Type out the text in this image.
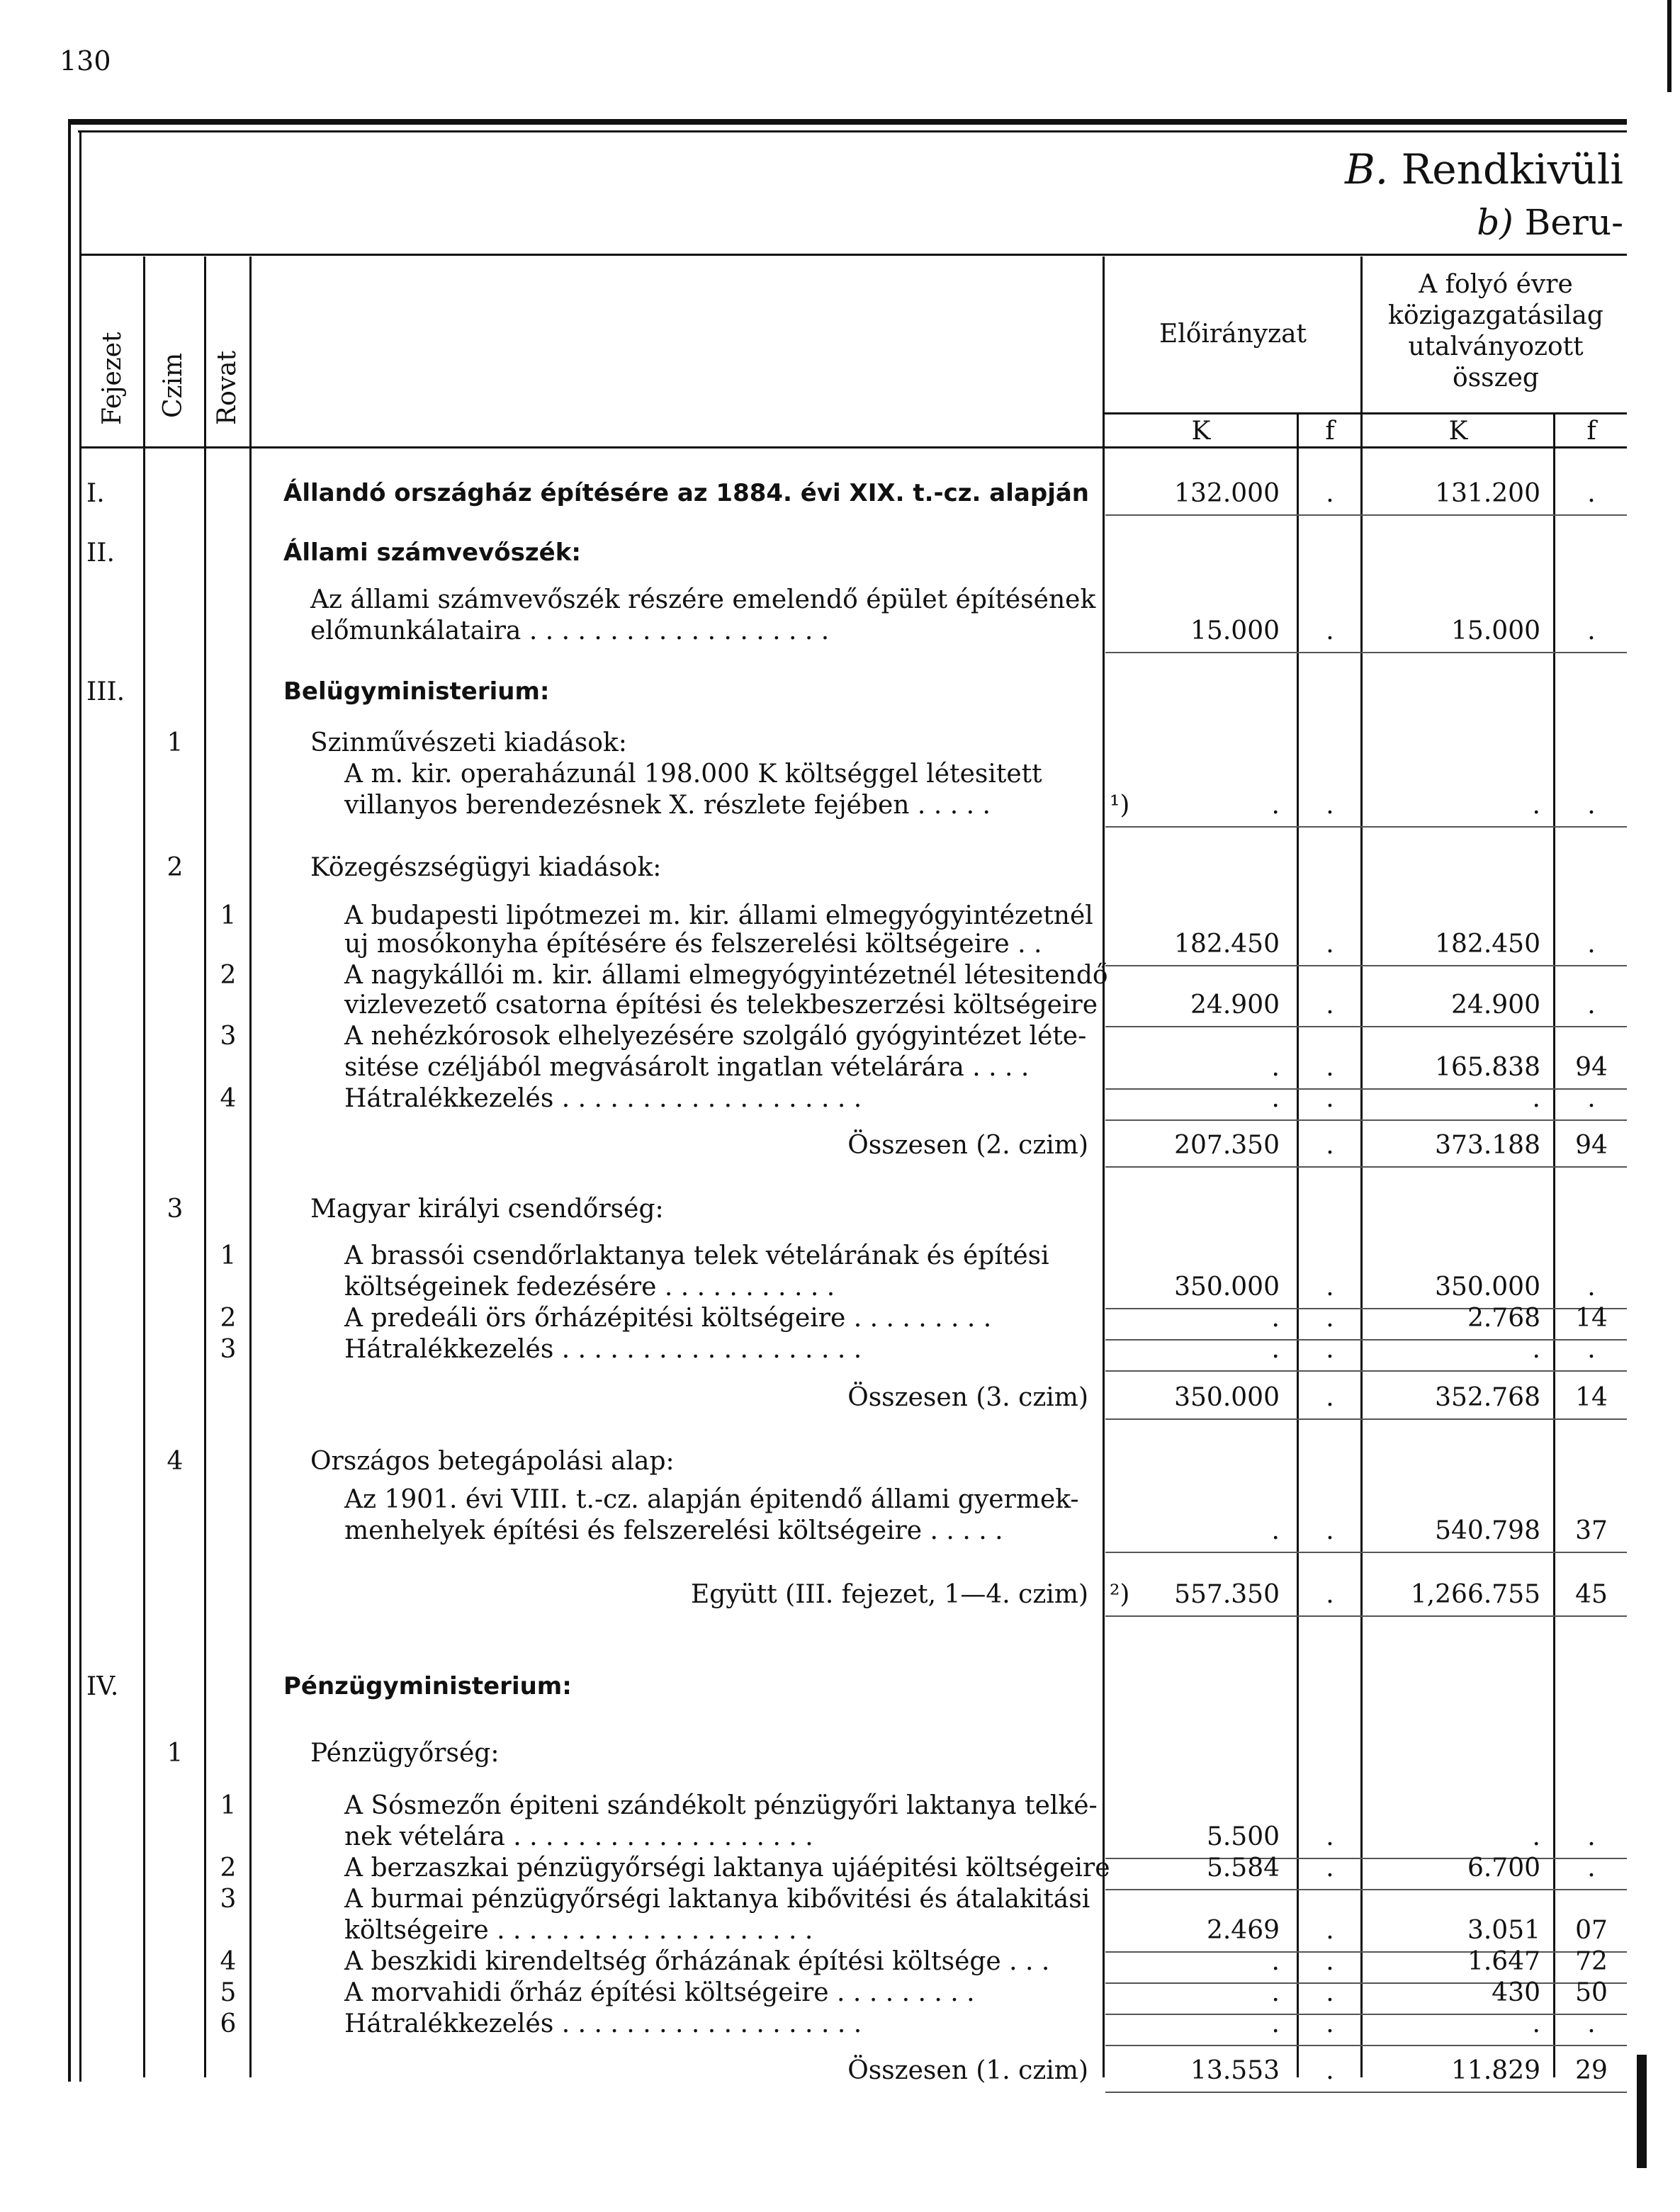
130
B. Rendkivüli
b) Beru-
Fejezet Czim Rovat
Előirányzat
A folyó évre közigazgatásilag utalványozott összeg
K	f	K	f
I.	Állandó országház építésére az 1884. évi XIX. t.-cz. alapján	132.000	.	131.200	.
II.	Állami számvevőszék:
Az állami számvevőszék részére emelendő épület építésének
előmunkálataira . . . . . . . . . . . . . . . . . . .	15.000	.	15.000	.
III.	Belügyministerium:
1	Szinművészeti kiadások:
A m. kir. operaházunál 198.000 K költséggel létesitett
villanyos berendezésnek X. részlete fejében . . . . .	¹)	.	.	.	.
2	Közegészségügyi kiadások:
1	A budapesti lipótmezei m. kir. állami elmegyógyintézetnél
uj mosókonyha építésére és felszerelési költségeire . .	182.450	.	182.450	.
2	A nagykállói m. kir. állami elmegyógyintézetnél létesitendő
vizlevezető csatorna építési és telekbeszerzési költségeire	24.900	.	24.900	.
3	A nehézkórosok elhelyezésére szolgáló gyógyintézet léte-
sitése czéljából megvásárolt ingatlan vételárára . . . .	.	.	165.838	94
4	Hátralékkezelés . . . . . . . . . . . . . . . . . . .	.	.	.	.
Összesen (2. czim)	207.350	.	373.188	94
3	Magyar királyi csendőrség:
1	A brassói csendőrlaktanya telek vételárának és építési
költségeinek fedezésére . . . . . . . . . . .	350.000	.	350.000	.
2	A predeáli örs őrházépitési költségeire . . . . . . . . .	.	.	2.768	14
3	Hátralékkezelés . . . . . . . . . . . . . . . . . . .	.	.	.	.
Összesen (3. czim)	350.000	.	352.768	14
4	Országos betegápolási alap:
Az 1901. évi VIII. t.-cz. alapján épitendő állami gyermek-
menhelyek építési és felszerelési költségeire . . . . .	.	.	540.798	37
Együtt (III. fejezet, 1—4. czim) ²)	557.350	.	1,266.755	45
IV.	Pénzügyministerium:
1	Pénzügyőrség:
1	A Sósmezőn épiteni szándékolt pénzügyőri laktanya telké-
nek vételára . . . . . . . . . . . . . . . . . . .	5.500	.	.	.
2	A berzaszkai pénzügyőrségi laktanya ujáépitési költségeire	5.584	.	6.700	.
3	A burmai pénzügyőrségi laktanya kibővitési és átalakitási
költségeire . . . . . . . . . . . . . . . . . . . .	2.469	.	3.051	07
4	A beszkidi kirendeltség őrházának építési költsége . . .	.	.	1.647	72
5	A morvahidi őrház építési költségeire . . . . . . . . .	.	.	430	50
6	Hátralékkezelés . . . . . . . . . . . . . . . . . . .	.	.	.	.
Összesen (1. czim)	13.553	.	11.829	29
